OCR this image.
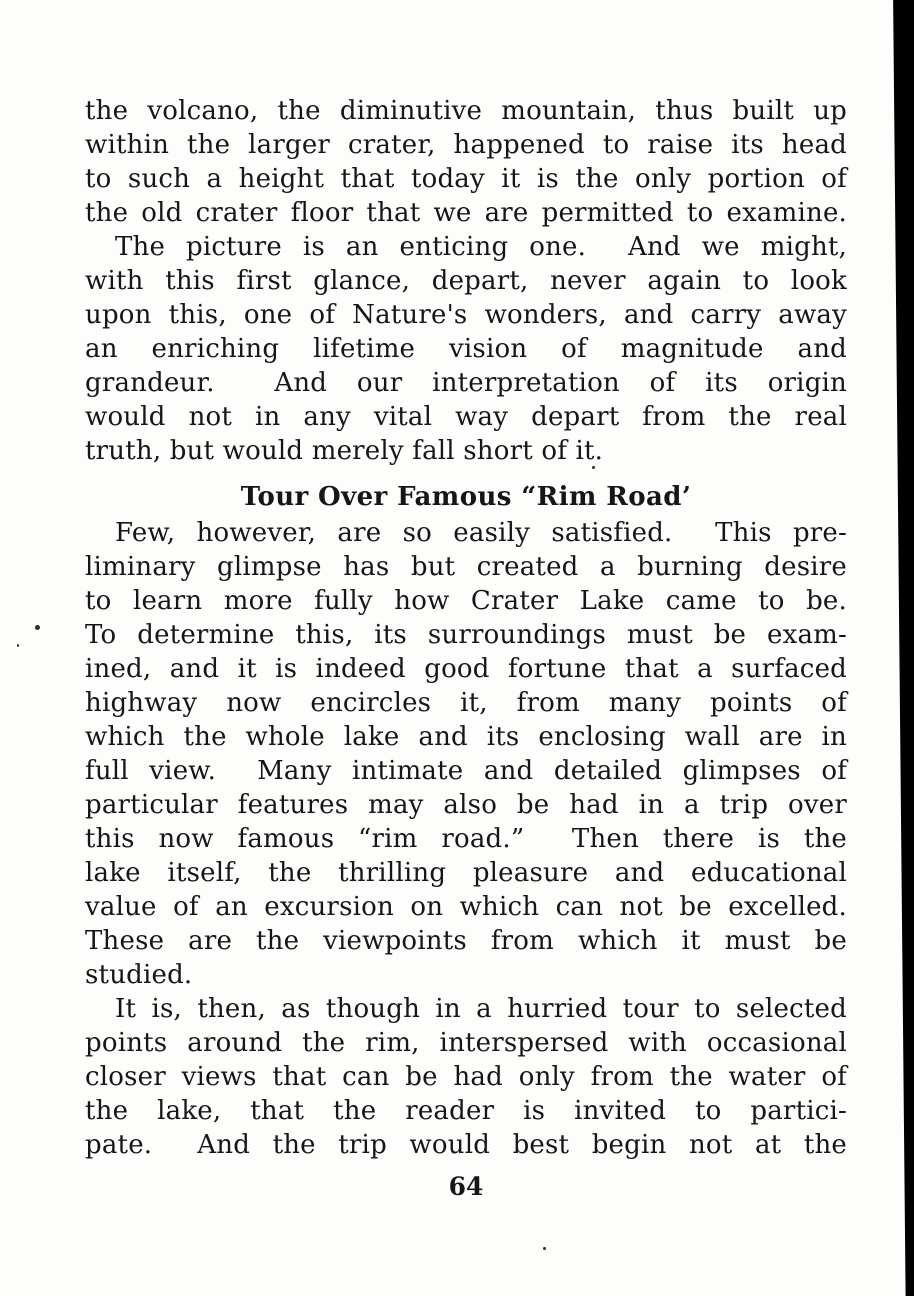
the volcano, the diminutive mountain, thus built up
within the larger crater, happened to raise its head
to such a height that today it is the only portion of
the old crater floor that we are permitted to examine.
The picture is an enticing one.  And we might,
with this first glance, depart, never again to look
upon this, one of Nature's wonders, and carry away
an enriching lifetime vision of magnitude and
grandeur.  And our interpretation of its origin
would not in any vital way depart from the real
truth, but would merely fall short of it.
Tour Over Famous “Rim Road’
Few, however, are so easily satisfied.  This pre-
liminary glimpse has but created a burning desire
to learn more fully how Crater Lake came to be.
To determine this, its surroundings must be exam-
ined, and it is indeed good fortune that a surfaced
highway now encircles it, from many points of
which the whole lake and its enclosing wall are in
full view.  Many intimate and detailed glimpses of
particular features may also be had in a trip over
this now famous “rim road.”  Then there is the
lake itself, the thrilling pleasure and educational
value of an excursion on which can not be excelled.
These are the viewpoints from which it must be
studied.
It is, then, as though in a hurried tour to selected
points around the rim, interspersed with occasional
closer views that can be had only from the water of
the lake, that the reader is invited to partici-
pate.  And the trip would best begin not at the
64
